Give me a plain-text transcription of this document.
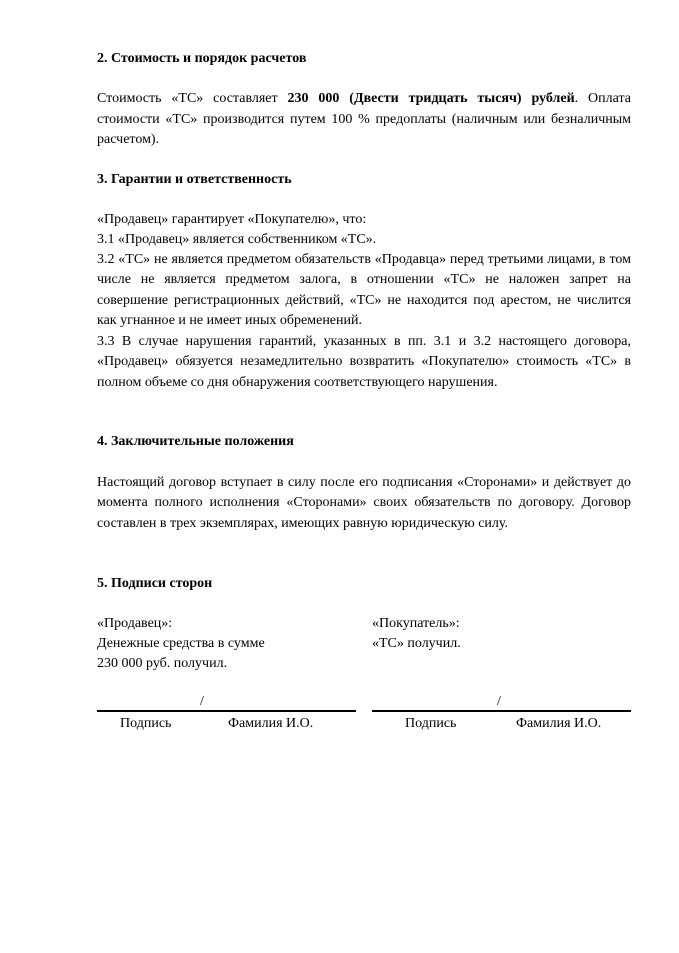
2. Стоимость и порядок расчетов

Стоимость «ТС» составляет 230 000 (Двести тридцать тысяч) рублей. Оплата стоимости «ТС» производится путем 100 % предоплаты (наличным или безналичным расчетом).

3. Гарантии и ответственность

«Продавец» гарантирует «Покупателю», что:

3.1 «Продавец» является собственником «ТС».

3.2 «ТС» не является предметом обязательств «Продавца» перед третьими лицами, в том числе не является предметом залога, в отношении «ТС» не наложен запрет на совершение регистрационных действий, «ТС» не находится под арестом, не числится как угнанное и не имеет иных обременений.

3.3 В случае нарушения гарантий, указанных в пп. 3.1 и 3.2 настоящего договора, «Продавец» обязуется незамедлительно возвратить «Покупателю» стоимость «ТС» в полном объеме со дня обнаружения соответствующего нарушения.

4. Заключительные положения

Настоящий договор вступает в силу после его подписания «Сторонами» и действует до момента полного исполнения «Сторонами» своих обязательств по договору. Договор составлен в трех экземплярах, имеющих равную юридическую силу.

5. Подписи сторон

«Продавец»:
Денежные средства в сумме
230 000 руб. получил.
«Покупатель»:
«ТС» получил.
/	/
Подпись	Фамилия И.О.	Подпись	Фамилия И.О.
